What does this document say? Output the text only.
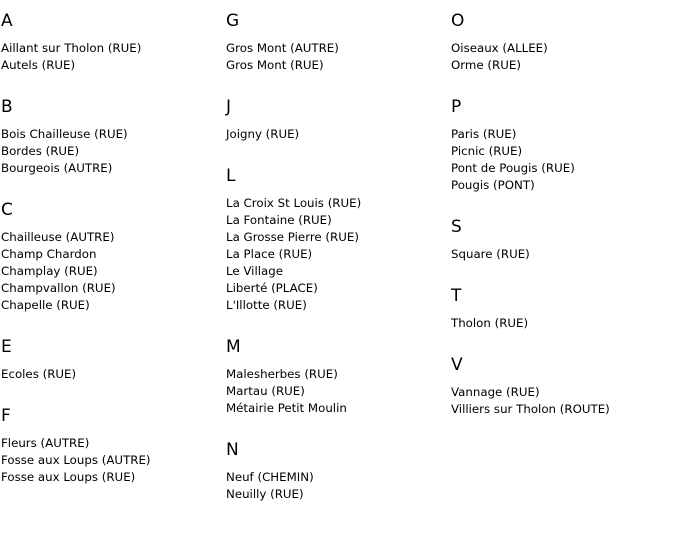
A
Aillant sur Tholon (RUE)
Autels (RUE)
B
Bois Chailleuse (RUE)
Bordes (RUE)
Bourgeois (AUTRE)
C
Chailleuse (AUTRE)
Champ Chardon
Champlay (RUE)
Champvallon (RUE)
Chapelle (RUE)
E
Ecoles (RUE)
F
Fleurs (AUTRE)
Fosse aux Loups (AUTRE)
Fosse aux Loups (RUE)
G
Gros Mont (AUTRE)
Gros Mont (RUE)
J
Joigny (RUE)
L
La Croix St Louis (RUE)
La Fontaine (RUE)
La Grosse Pierre (RUE)
La Place (RUE)
Le Village
Liberté (PLACE)
L'Illotte (RUE)
M
Malesherbes (RUE)
Martau (RUE)
Métairie Petit Moulin
N
Neuf (CHEMIN)
Neuilly (RUE)
O
Oiseaux (ALLEE)
Orme (RUE)
P
Paris (RUE)
Picnic (RUE)
Pont de Pougis (RUE)
Pougis (PONT)
S
Square (RUE)
T
Tholon (RUE)
V
Vannage (RUE)
Villiers sur Tholon (ROUTE)
